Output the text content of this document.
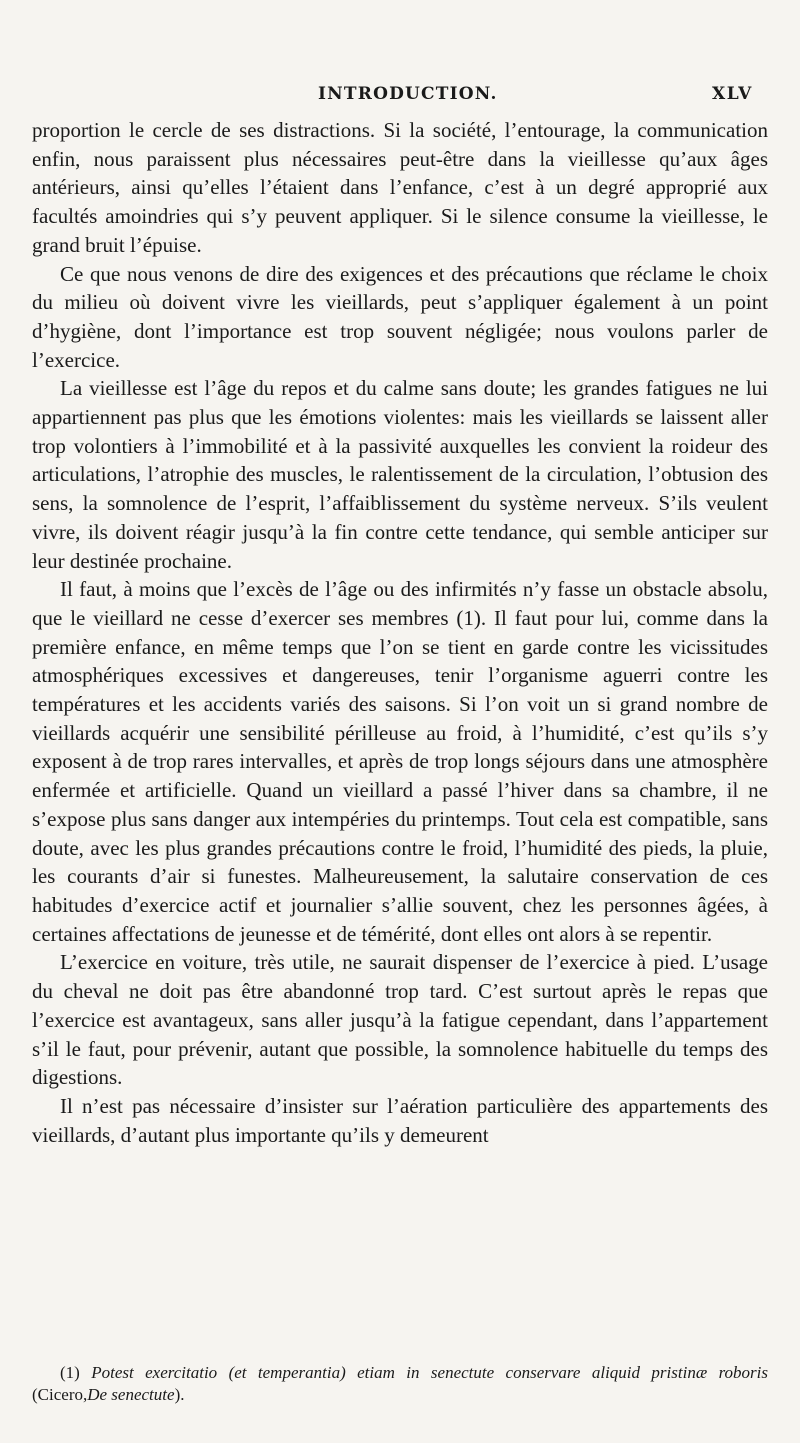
INTRODUCTION.	XLV

proportion le cercle de ses distractions. Si la société, l’entourage, la communication enfin, nous paraissent plus nécessaires peut-être dans la vieillesse qu’aux âges antérieurs, ainsi qu’elles l’étaient dans l’enfance, c’est à un degré approprié aux facultés amoindries qui s’y peuvent appliquer. Si le silence consume la vieillesse, le grand bruit l’épuise.

Ce que nous venons de dire des exigences et des précautions que réclame le choix du milieu où doivent vivre les vieillards, peut s’appliquer également à un point d’hygiène, dont l’importance est trop souvent négligée; nous voulons parler de l’exercice.

La vieillesse est l’âge du repos et du calme sans doute; les grandes fatigues ne lui appartiennent pas plus que les émotions violentes: mais les vieillards se laissent aller trop volontiers à l’immobilité et à la passivité auxquelles les convient la roideur des articulations, l’atrophie des muscles, le ralentissement de la circulation, l’obtusion des sens, la somnolence de l’esprit, l’affaiblissement du système nerveux. S’ils veulent vivre, ils doivent réagir jusqu’à la fin contre cette tendance, qui semble anticiper sur leur destinée prochaine.

Il faut, à moins que l’excès de l’âge ou des infirmités n’y fasse un obstacle absolu, que le vieillard ne cesse d’exercer ses membres (1). Il faut pour lui, comme dans la première enfance, en même temps que l’on se tient en garde contre les vicissitudes atmosphériques excessives et dangereuses, tenir l’organisme aguerri contre les températures et les accidents variés des saisons. Si l’on voit un si grand nombre de vieillards acquérir une sensibilité périlleuse au froid, à l’humidité, c’est qu’ils s’y exposent à de trop rares intervalles, et après de trop longs séjours dans une atmosphère enfermée et artificielle. Quand un vieillard a passé l’hiver dans sa chambre, il ne s’expose plus sans danger aux intempéries du printemps. Tout cela est compatible, sans doute, avec les plus grandes précautions contre le froid, l’humidité des pieds, la pluie, les courants d’air si funestes. Malheureusement, la salutaire conservation de ces habitudes d’exercice actif et journalier s’allie souvent, chez les personnes âgées, à certaines affectations de jeunesse et de témérité, dont elles ont alors à se repentir.

L’exercice en voiture, très utile, ne saurait dispenser de l’exercice à pied. L’usage du cheval ne doit pas être abandonné trop tard. C’est surtout après le repas que l’exercice est avantageux, sans aller jusqu’à la fatigue cependant, dans l’appartement s’il le faut, pour prévenir, autant que possible, la somnolence habituelle du temps des digestions.

Il n’est pas nécessaire d’insister sur l’aération particulière des appartements des vieillards, d’autant plus importante qu’ils y demeurent

(1) Potest exercitatio (et temperantia) etiam in senectute conservare aliquid pristinæ roboris (Cicero,De senectute).
